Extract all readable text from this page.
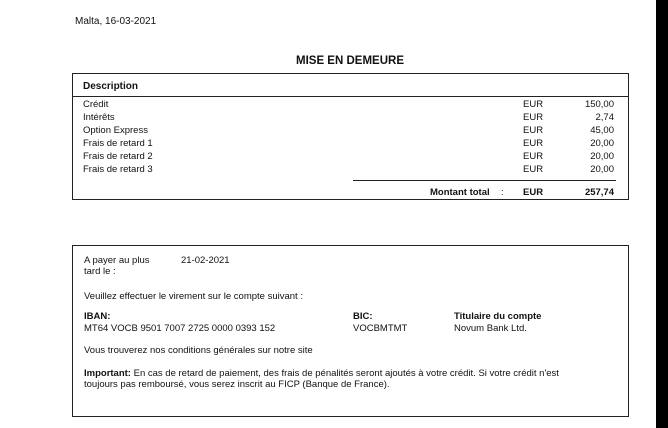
Malta, 16-03-2021
MISE EN DEMEURE
Description
Crédit	EUR	150,00
Intérêts	EUR	2,74
Option Express	EUR	45,00
Frais de retard 1	EUR	20,00
Frais de retard 2	EUR	20,00
Frais de retard 3	EUR	20,00
Montant total : EUR	257,74
A payer au plus
tard le :
21-02-2021
Veuillez effectuer le virement sur le compte suivant :
IBAN:
MT64 VOCB 9501 7007 2725 0000 0393 152
BIC:
VOCBMTMT
Titulaire du compte
Novum Bank Ltd.
Vous trouverez nos conditions générales sur notre site
Important: En cas de retard de paiement, des frais de pénalités seront ajoutés à votre crédit. Si votre crédit n'est
toujours pas remboursé, vous serez inscrit au FICP (Banque de France).
